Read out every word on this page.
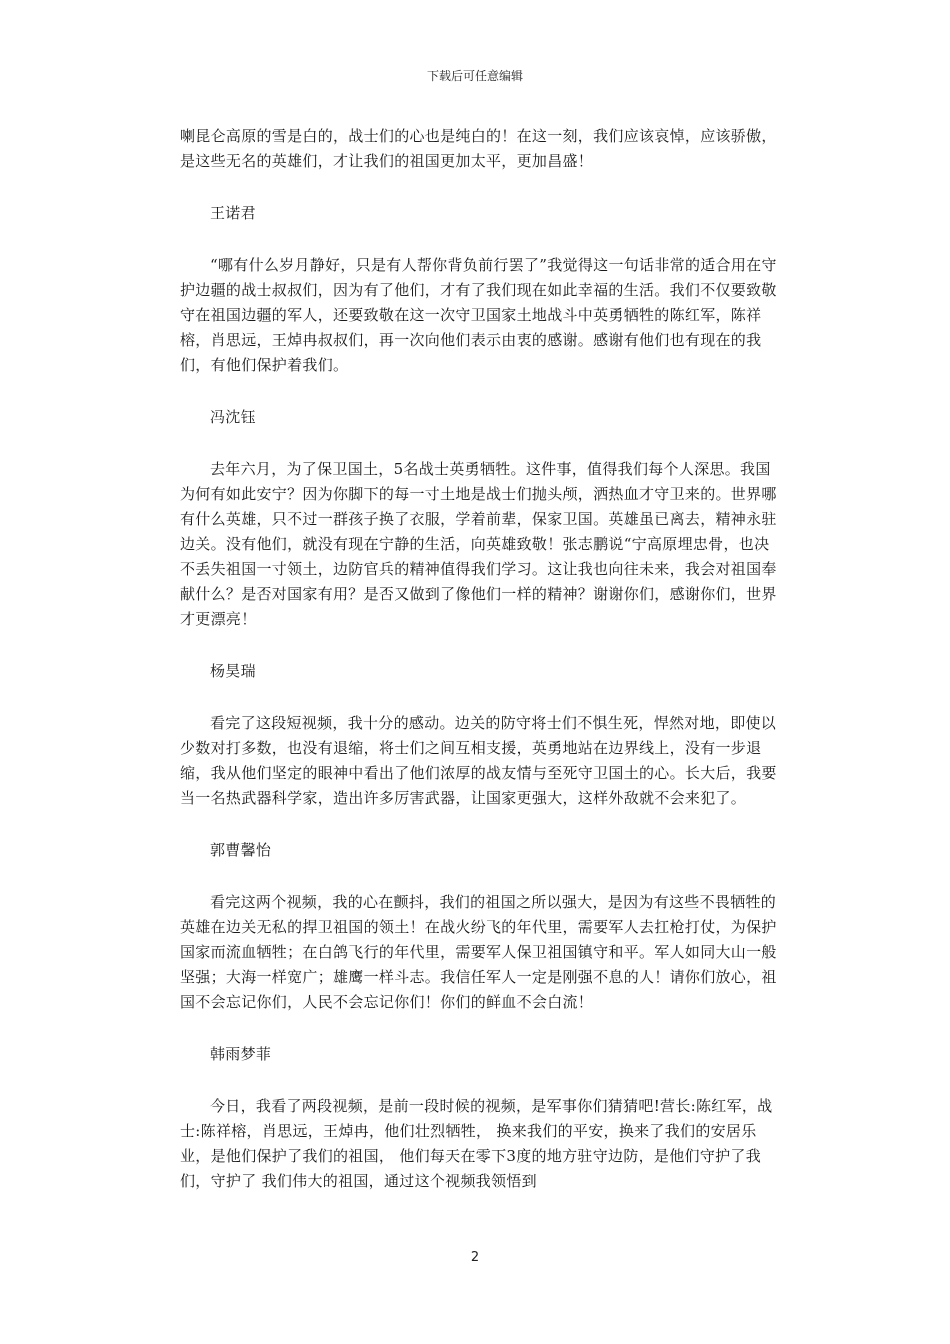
下载后可任意编辑

喇昆仑高原的雪是白的，战士们的心也是纯白的！在这一刻，我们应该哀悼，应该骄傲，是这些无名的英雄们，才让我们的祖国更加太平，更加昌盛！

王诺君

“哪有什么岁月静好，只是有人帮你背负前行罢了”我觉得这一句话非常的适合用在守护边疆的战士叔叔们，因为有了他们，才有了我们现在如此幸福的生活。我们不仅要致敬守在祖国边疆的军人，还要致敬在这一次守卫国家土地战斗中英勇牺牲的陈红军，陈祥榕，肖思远，王焯冉叔叔们，再一次向他们表示由衷的感谢。感谢有他们也有现在的我们，有他们保护着我们。

冯沈钰

去年六月，为了保卫国土，5名战士英勇牺牲。这件事，值得我们每个人深思。我国为何有如此安宁？因为你脚下的每一寸土地是战士们抛头颅，洒热血才守卫来的。世界哪有什么英雄，只不过一群孩子换了衣服，学着前辈，保家卫国。英雄虽已离去，精神永驻边关。没有他们，就没有现在宁静的生活，向英雄致敬！张志鹏说“宁高原埋忠骨，也决不丢失祖国一寸领土，边防官兵的精神值得我们学习。这让我也向往未来，我会对祖国奉献什么？是否对国家有用？是否又做到了像他们一样的精神？谢谢你们，感谢你们，世界才更漂亮！

杨昊瑞

看完了这段短视频，我十分的感动。边关的防守将士们不惧生死，悍然对地，即使以少数对打多数，也没有退缩，将士们之间互相支援，英勇地站在边界线上，没有一步退缩，我从他们坚定的眼神中看出了他们浓厚的战友情与至死守卫国土的心。长大后，我要当一名热武器科学家，造出许多厉害武器，让国家更强大，这样外敌就不会来犯了。

郭曹馨怡

看完这两个视频，我的心在颤抖，我们的祖国之所以强大，是因为有这些不畏牺牲的英雄在边关无私的捍卫祖国的领土！在战火纷飞的年代里，需要军人去扛枪打仗，为保护国家而流血牺牲；在白鸽飞行的年代里，需要军人保卫祖国镇守和平。军人如同大山一般坚强；大海一样宽广；雄鹰一样斗志。我信任军人一定是刚强不息的人！请你们放心，祖国不会忘记你们，人民不会忘记你们！你们的鲜血不会白流！

韩雨梦菲

今日，我看了两段视频，是前一段时候的视频，是军事你们猜猜吧!营长:陈红军，战士:陈祥榕，肖思远，王焯冉，他们壮烈牺牲， 换来我们的平安，换来了我们的安居乐业，是他们保护了我们的祖国， 他们每天在零下3度的地方驻守边防，是他们守护了我们，守护了 我们伟大的祖国，通过这个视频我领悟到

2
